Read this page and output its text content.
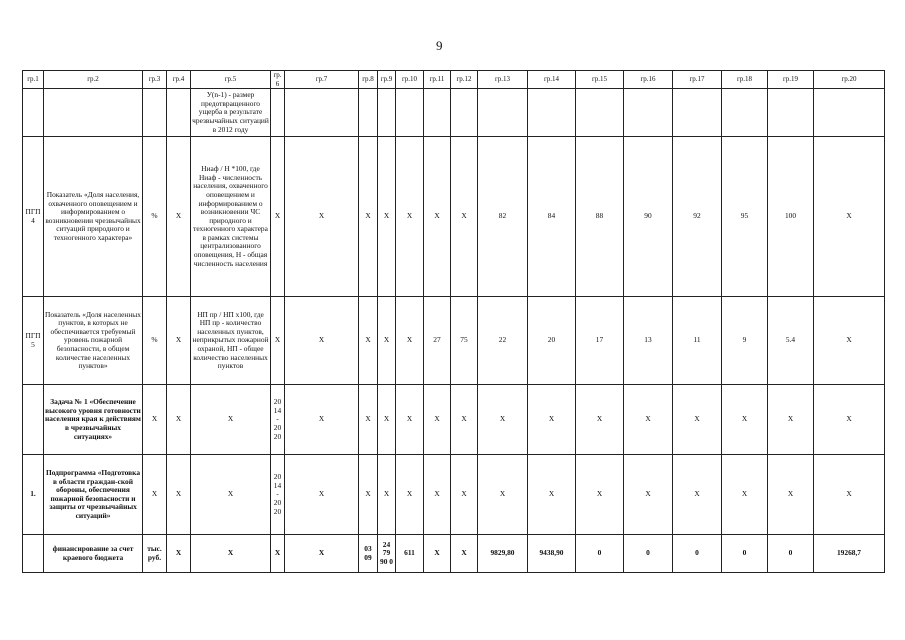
9
гр.1	гр.2	гр.3	гр.4	гр.5	гр.6	гр.7	гр.8	гр.9	гр.10	гр.11	гр.12	гр.13	гр.14	гр.15	гр.16	гр.17	гр.18	гр.19	гр.20
				У(n-1) - размер предотвращенного ущерба в результате чрезвычайных ситуаций в 2012 году															
ПГП 4	Показатель «Доля населения, охваченного оповещением и информированием о возникновении чрезвычайных ситуаций природного и техногенного характера»	%	Х	Ниаф / Н *100, где Ниаф - численность населения, охваченного оповещением и информированием о возникновении ЧС природного и техногенного характера в рамках системы централизованного оповещения, Н - общая численность населения	Х	Х	Х	Х	Х	Х	Х	82	84	88	90	92	95	100	Х
ПГП 5	Показатель «Доля населенных пунктов, в которых не обеспечивается требуемый уровень пожарной безопасности, в общем количестве населенных пунктов»	%	Х	НП пр / НП х100, где НП пр - количество населенных пунктов, неприкрытых пожарной охраной, НП - общее количество населенных пунктов	Х	Х	Х	Х	Х	27	75	22	20	17	13	11	9	5.4	Х
	Задача № 1 «Обеспечение высокого уровня готовности населения края к действиям в чрезвычайных ситуациях»	Х	Х	Х	20 14 - 20 20	Х	Х	Х	Х	Х	Х	Х	Х	Х	Х	Х	Х	Х	Х
1.	Подпрограмма «Подготовка в области граждан-ской обороны, обеспечения пожарной безопасности и защиты от чрезвычайных ситуаций»	Х	Х	Х	20 14 - 20 20	Х	Х	Х	Х	Х	Х	Х	Х	Х	Х	Х	Х	Х	Х
	финансирование за счет краевого бюджета	тыс. руб.	Х	Х	Х	Х	03 09	24 79 90 0	611	Х	Х	9829,80	9438,90	0	0	0	0	0	19268,7
